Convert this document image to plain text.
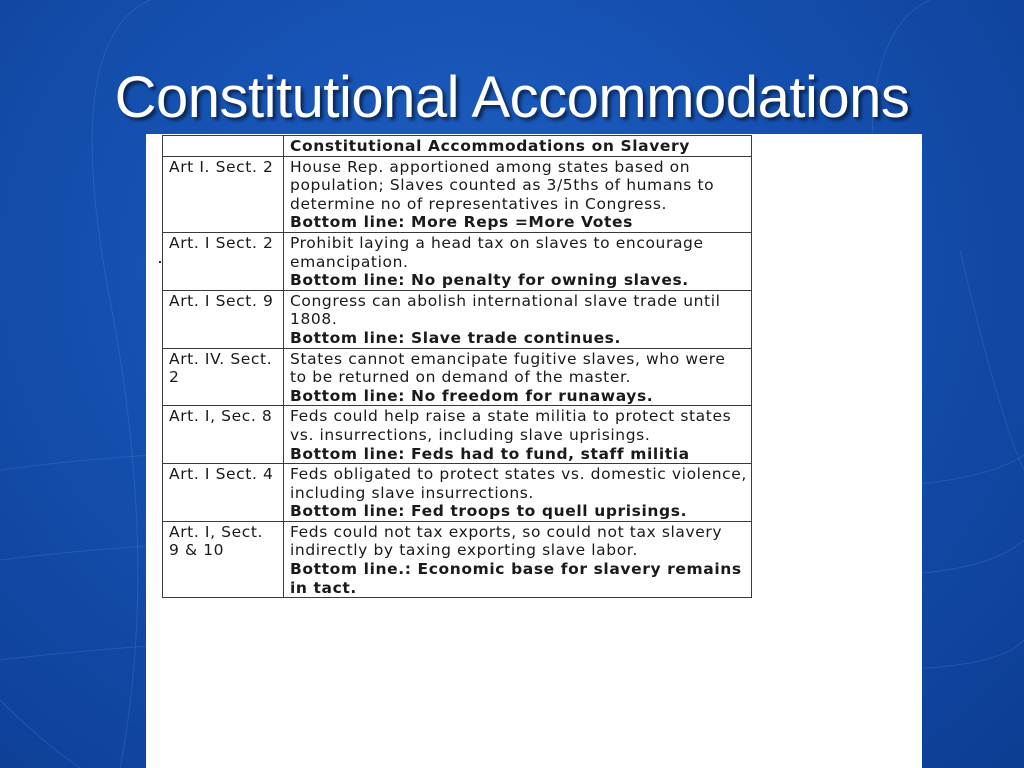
Constitutional Accommodations
	Constitutional Accommodations on Slavery
Art I. Sect. 2	House Rep. apportioned among states based on population; Slaves counted as 3/5ths of humans to determine no of representatives in Congress.
Bottom line: More Reps =More Votes

Art. I Sect. 2	Prohibit laying a head tax on slaves to encourage emancipation.
Bottom line: No penalty for owning slaves.

Art. I Sect. 9	Congress can abolish international slave trade until 1808.
Bottom line: Slave trade continues.

Art. IV. Sect. 2	States cannot emancipate fugitive slaves, who were to be returned on demand of the master.
Bottom line: No freedom for runaways.

Art. I, Sec. 8	Feds could help raise a state militia to protect states vs. insurrections, including slave uprisings.
Bottom line: Feds had to fund, staff militia

Art. I Sect. 4	Feds obligated to protect states vs. domestic violence, including slave insurrections.
Bottom line: Fed troops to quell uprisings.

Art. I, Sect. 9 & 10	Feds could not tax exports, so could not tax slavery indirectly by taxing exporting slave labor.
Bottom line.: Economic base for slavery remains in tact.
